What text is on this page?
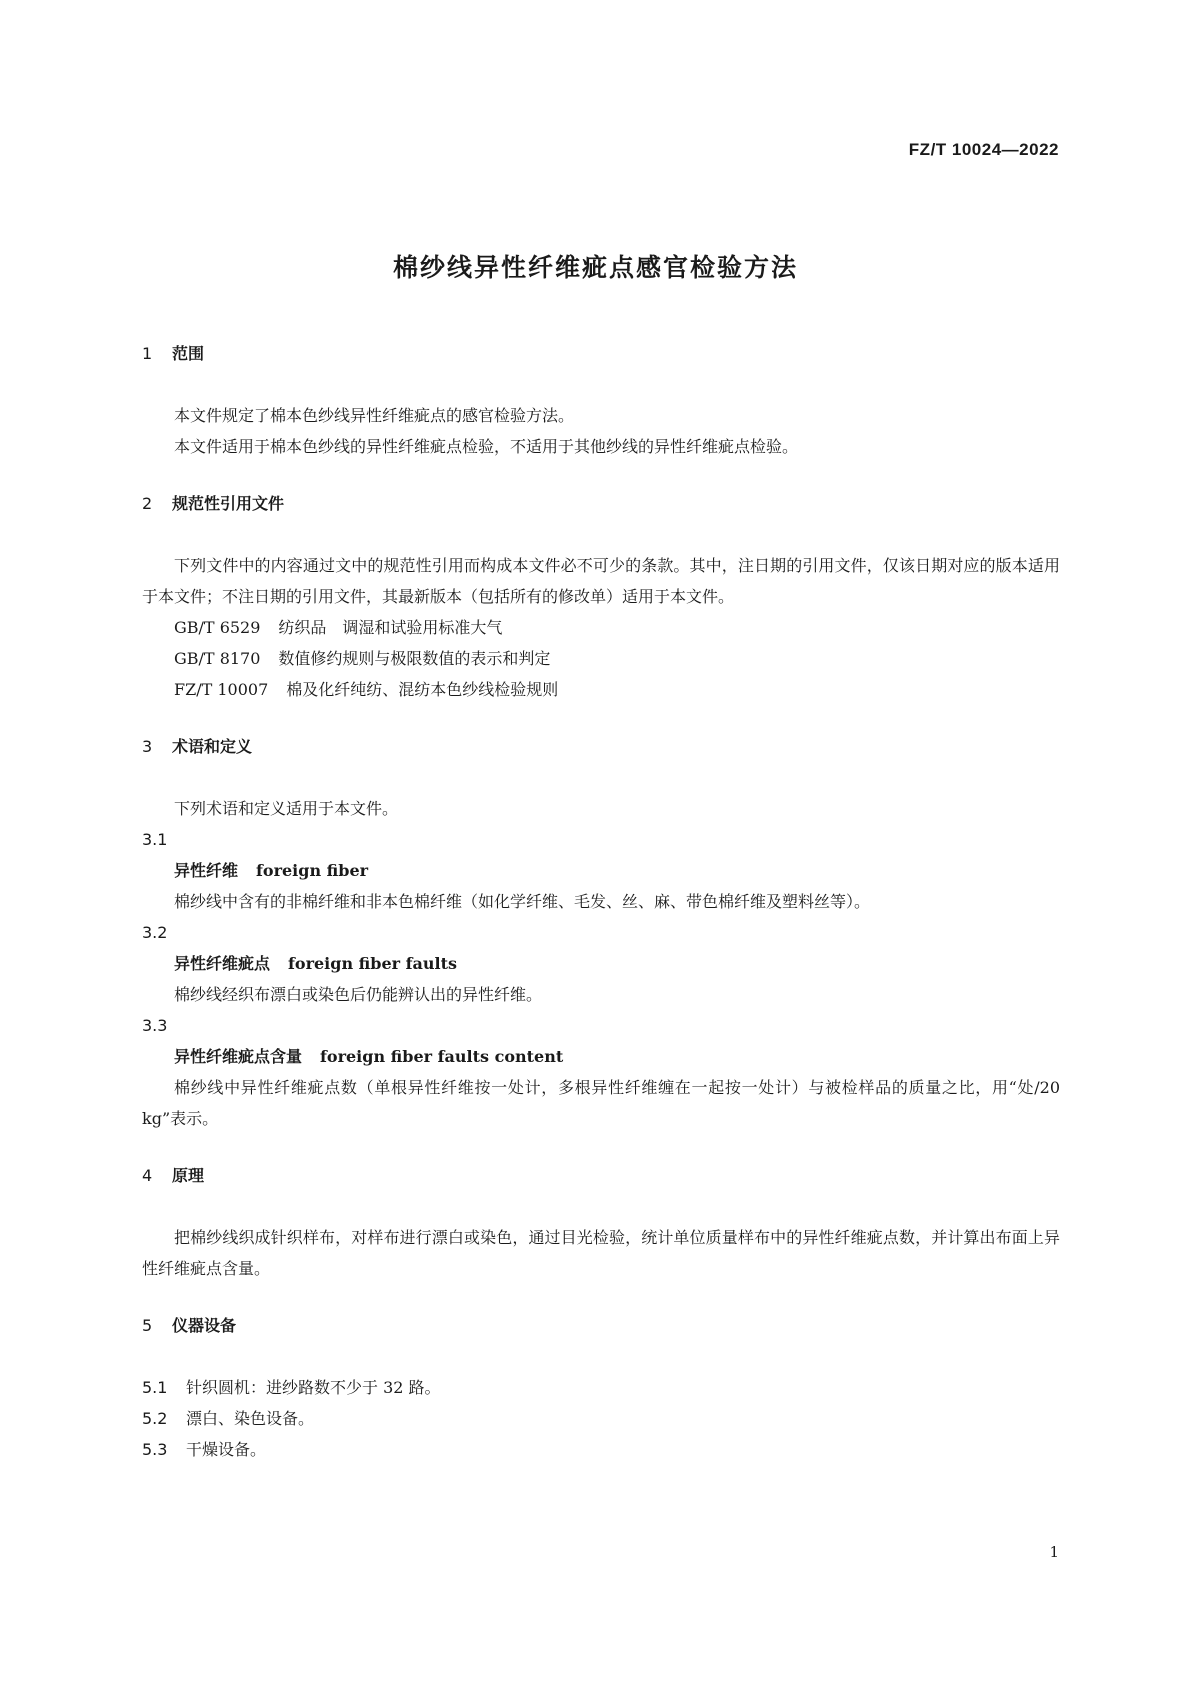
FZ/T 10024—2022
棉纱线异性纤维疵点感官检验方法
1 范围
本文件规定了棉本色纱线异性纤维疵点的感官检验方法。
本文件适用于棉本色纱线的异性纤维疵点检验，不适用于其他纱线的异性纤维疵点检验。
2 规范性引用文件
下列文件中的内容通过文中的规范性引用而构成本文件必不可少的条款。其中，注日期的引用文件，仅该日期对应的版本适用于本文件；不注日期的引用文件，其最新版本（包括所有的修改单）适用于本文件。
GB/T 6529 纺织品　调湿和试验用标准大气
GB/T 8170 数值修约规则与极限数值的表示和判定
FZ/T 10007 棉及化纤纯纺、混纺本色纱线检验规则
3 术语和定义
下列术语和定义适用于本文件。
3.1
异性纤维 foreign fiber
棉纱线中含有的非棉纤维和非本色棉纤维（如化学纤维、毛发、丝、麻、带色棉纤维及塑料丝等）。
3.2
异性纤维疵点 foreign fiber faults
棉纱线经织布漂白或染色后仍能辨认出的异性纤维。
3.3
异性纤维疵点含量 foreign fiber faults content
棉纱线中异性纤维疵点数（单根异性纤维按一处计，多根异性纤维缠在一起按一处计）与被检样品的质量之比，用“处/20 kg”表示。
4 原理
把棉纱线织成针织样布，对样布进行漂白或染色，通过目光检验，统计单位质量样布中的异性纤维疵点数，并计算出布面上异性纤维疵点含量。
5 仪器设备
5.1 针织圆机：进纱路数不少于 32 路。
5.2 漂白、染色设备。
5.3 干燥设备。
1
